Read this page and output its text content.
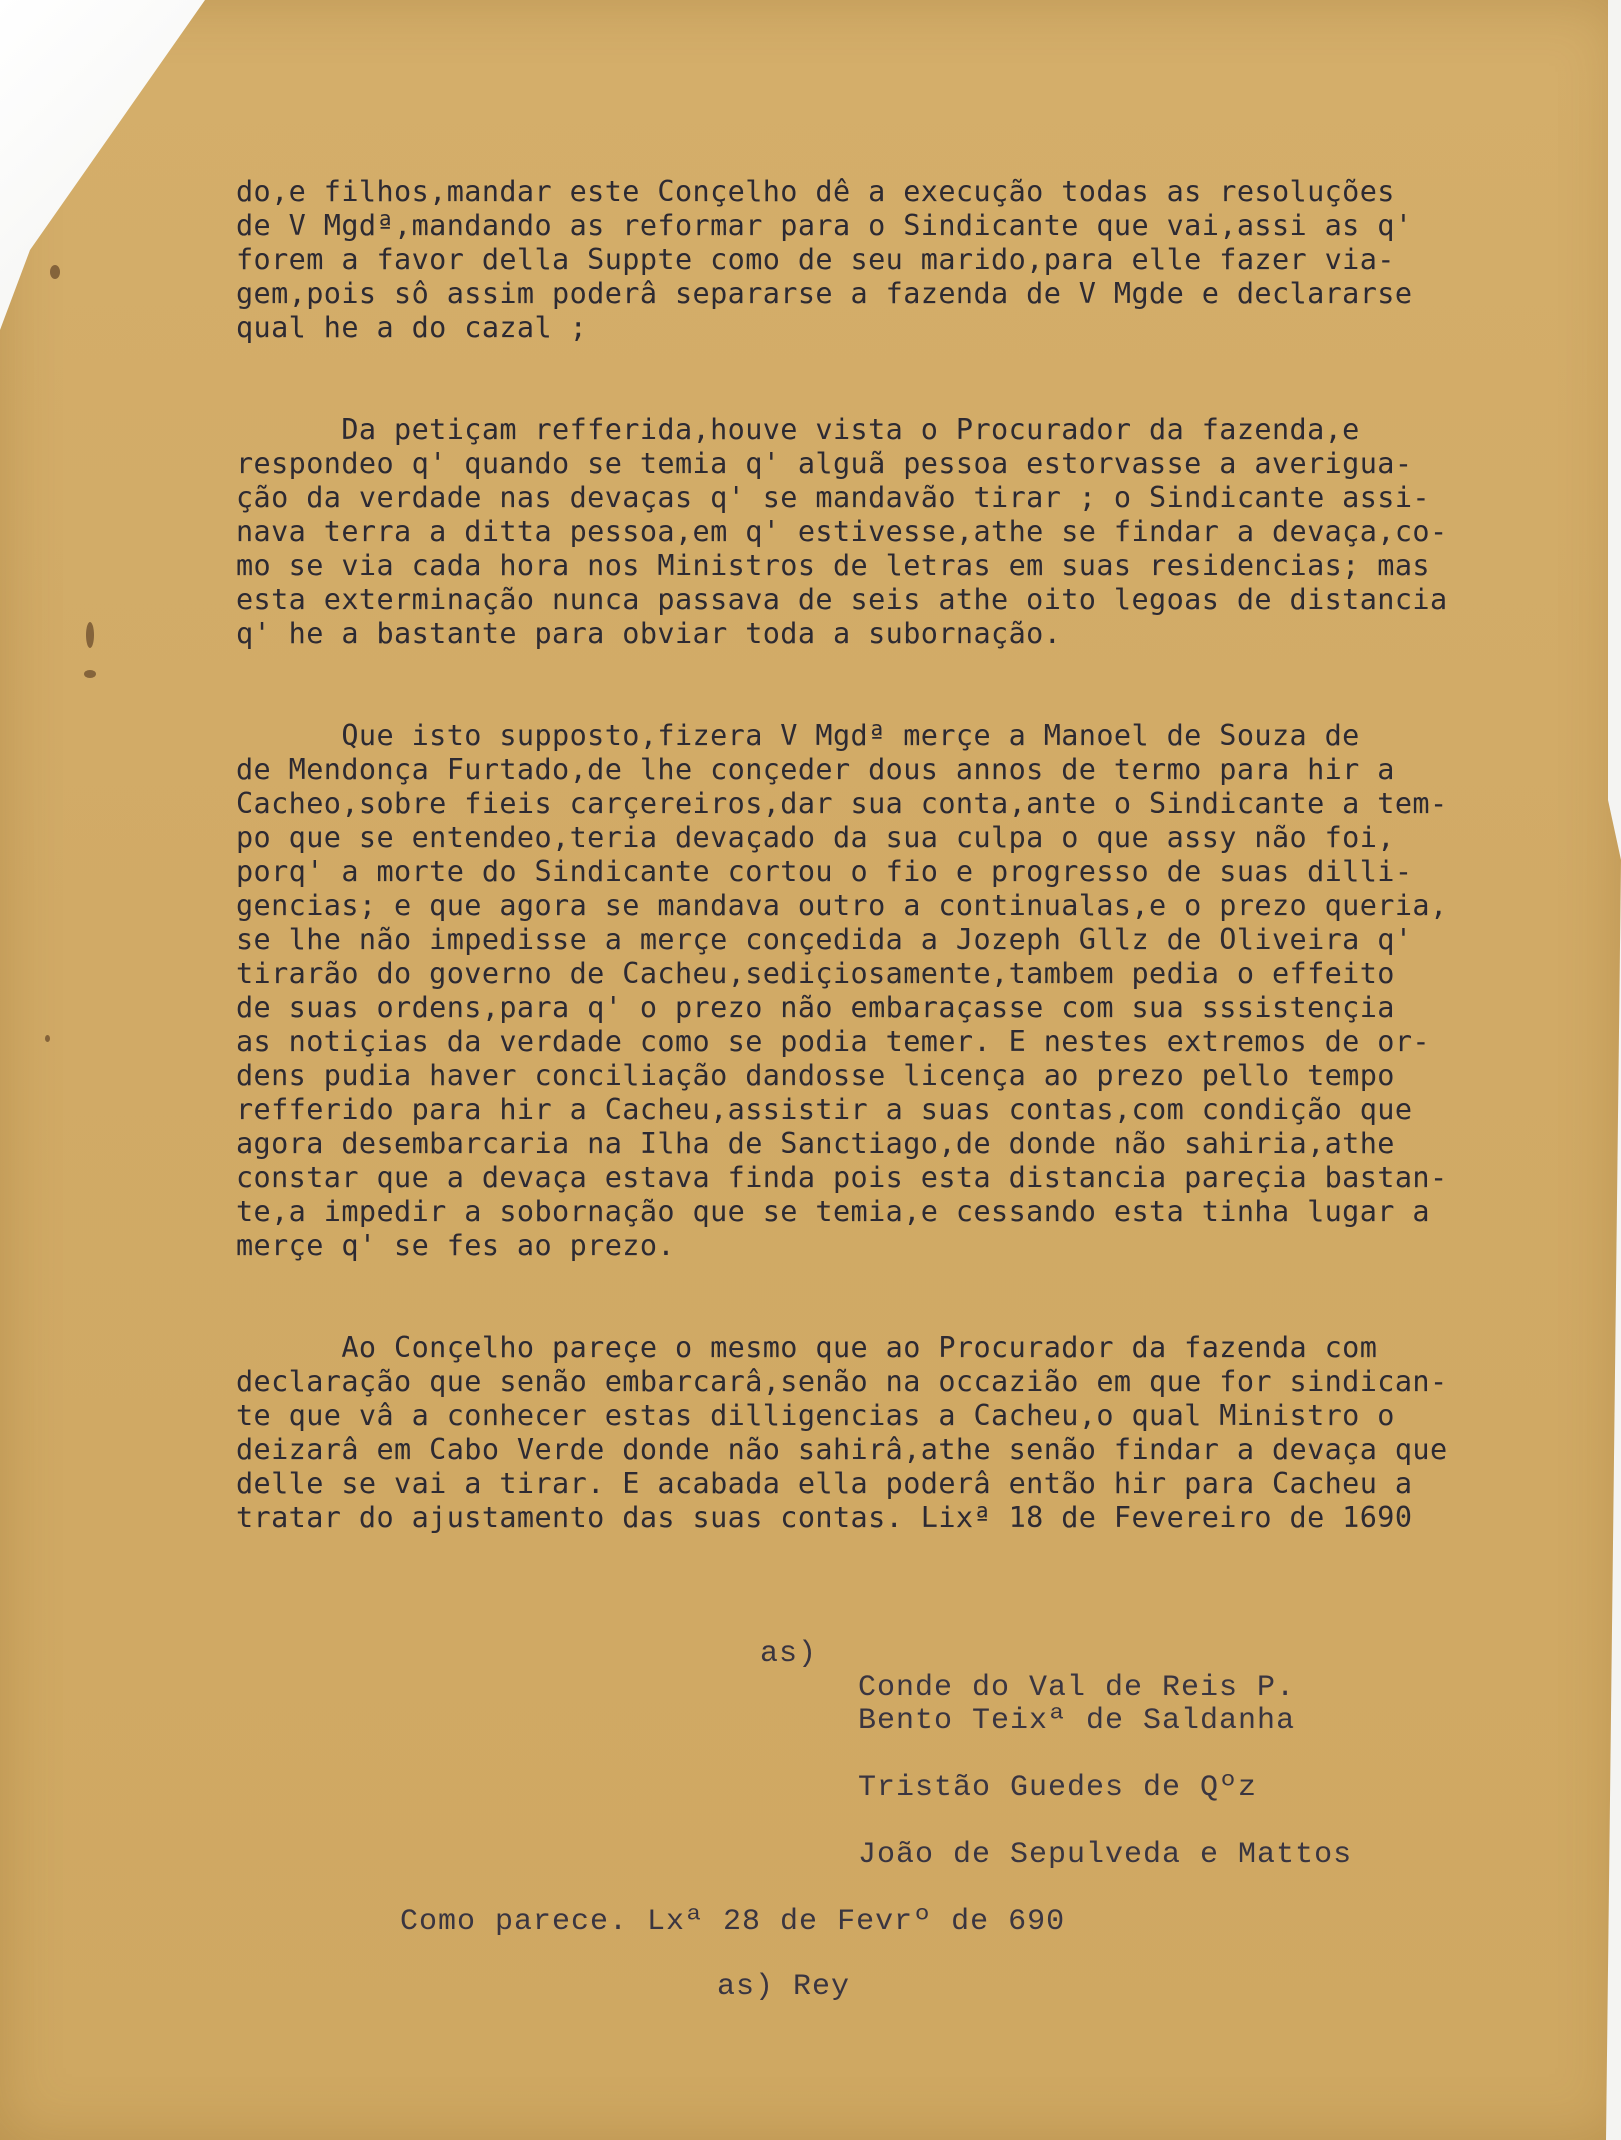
do,e filhos,mandar este Conçelho dê a execução todas as resoluções
de V Mgdª,mandando as reformar para o Sindicante que vai,assi as q'
forem a favor della Suppte como de seu marido,para elle fazer via-
gem,pois sô assim poderâ separarse a fazenda de V Mgde e declararse
qual he a do cazal ;
Da petiçam refferida,houve vista o Procurador da fazenda,e
respondeo q' quando se temia q' alguã pessoa estorvasse a averigua-
ção da verdade nas devaças q' se mandavão tirar ; o Sindicante assi-
nava terra a ditta pessoa,em q' estivesse,athe se findar a devaça,co-
mo se via cada hora nos Ministros de letras em suas residencias; mas
esta exterminação nunca passava de seis athe oito legoas de distancia
q' he a bastante para obviar toda a subornação.
Que isto supposto,fizera V Mgdª merçe a Manoel de Souza de
de Mendonça Furtado,de lhe conçeder dous annos de termo para hir a
Cacheo,sobre fieis carçereiros,dar sua conta,ante o Sindicante a tem-
po que se entendeo,teria devaçado da sua culpa o que assy não foi,
porq' a morte do Sindicante cortou o fio e progresso de suas dilli-
gencias; e que agora se mandava outro a continualas,e o prezo queria,
se lhe não impedisse a merçe conçedida a Jozeph Gllz de Oliveira q'
tirarão do governo de Cacheu,sediçiosamente,tambem pedia o effeito
de suas ordens,para q' o prezo não embaraçasse com sua sssistençia
as notiçias da verdade como se podia temer. E nestes extremos de or-
dens pudia haver conciliação dandosse licença ao prezo pello tempo
refferido para hir a Cacheu,assistir a suas contas,com condição que
agora desembarcaria na Ilha de Sanctiago,de donde não sahiria,athe
constar que a devaça estava finda pois esta distancia pareçia bastan-
te,a impedir a sobornação que se temia,e cessando esta tinha lugar a
merçe q' se fes ao prezo.
Ao Conçelho pareçe o mesmo que ao Procurador da fazenda com
declaração que senão embarcarâ,senão na occazião em que for sindican-
te que vâ a conhecer estas dilligencias a Cacheu,o qual Ministro o
deizarâ em Cabo Verde donde não sahirâ,athe senão findar a devaça que
delle se vai a tirar. E acabada ella poderâ então hir para Cacheu a
tratar do ajustamento das suas contas. Lixª 18 de Fevereiro de 1690

as)

Conde do Val de Reis P.

Bento Teixª de Saldanha

Tristão Guedes de Qºz

João de Sepulveda e Mattos

Como parece. Lxª 28 de Fevrº de 690
as) Rey
